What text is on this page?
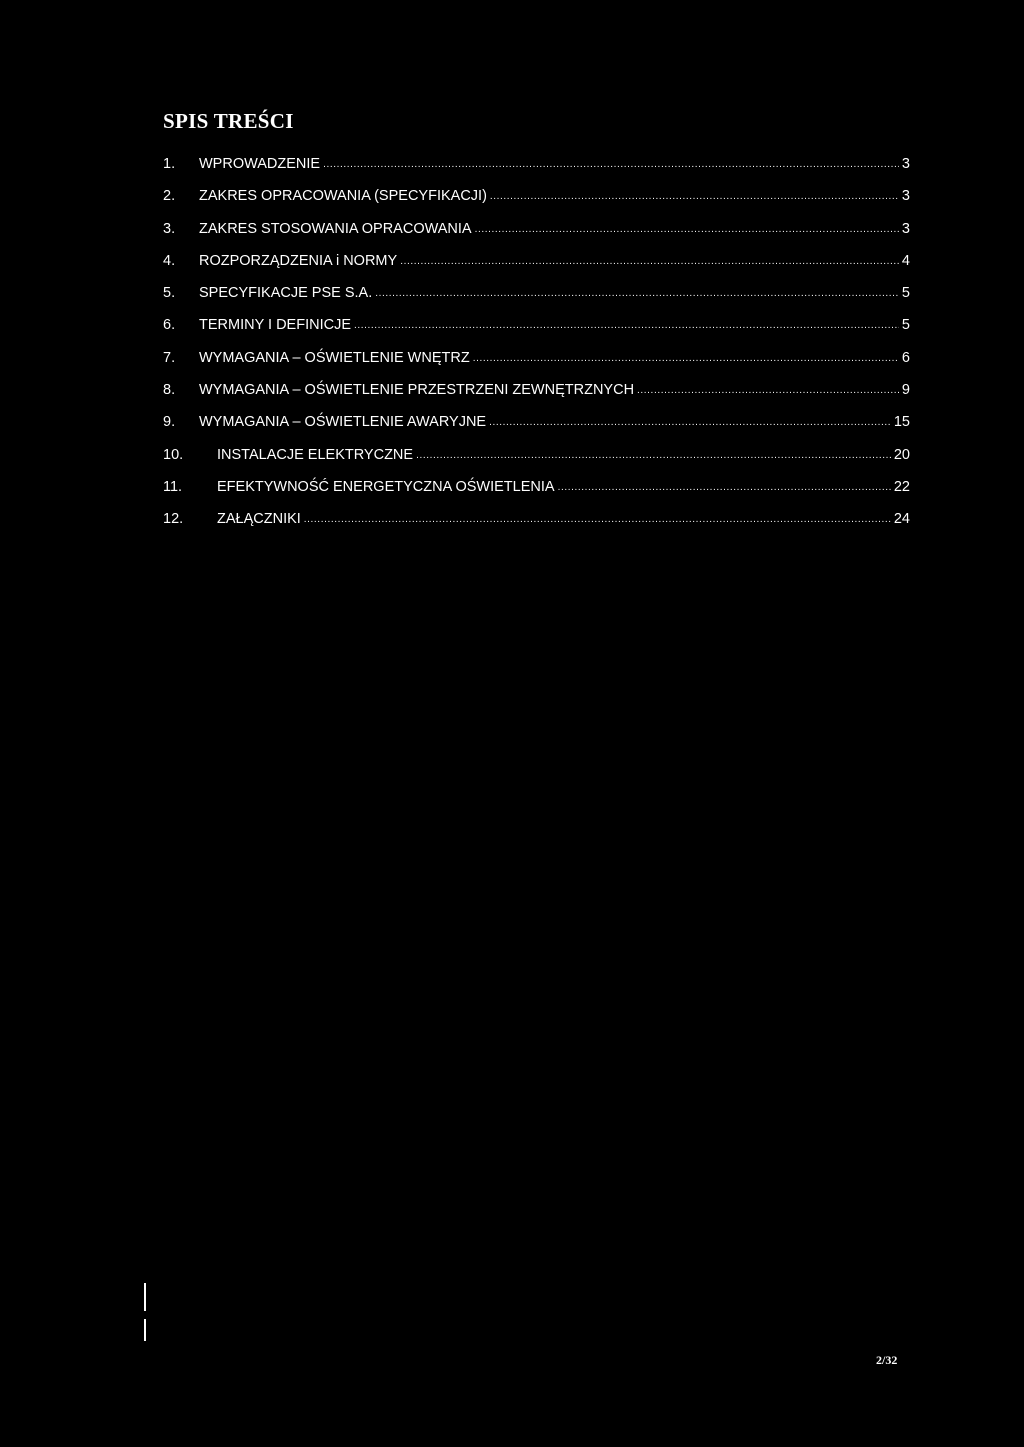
SPIS TREŚCI
1.	WPROWADZENIE .....	3
2.	ZAKRES OPRACOWANIA (SPECYFIKACJI) .....	3
3.	ZAKRES STOSOWANIA OPRACOWANIA .....	3
4.	ROZPORZĄDZENIA i NORMY .....	4
5.	SPECYFIKACJE PSE S.A. .....	5
6.	TERMINY I DEFINICJE .....	5
7.	WYMAGANIA – OŚWIETLENIE WNĘTRZ .....	6
8.	WYMAGANIA – OŚWIETLENIE PRZESTRZENI ZEWNĘTRZNYCH .....	9
9.	WYMAGANIA – OŚWIETLENIE AWARYJNE .....	15
10.	INSTALACJE ELEKTRYCZNE .....	20
11.	EFEKTYWNOŚĆ ENERGETYCZNA OŚWIETLENIA .....	22
12.	ZAŁĄCZNIKI .....	24
2/32
